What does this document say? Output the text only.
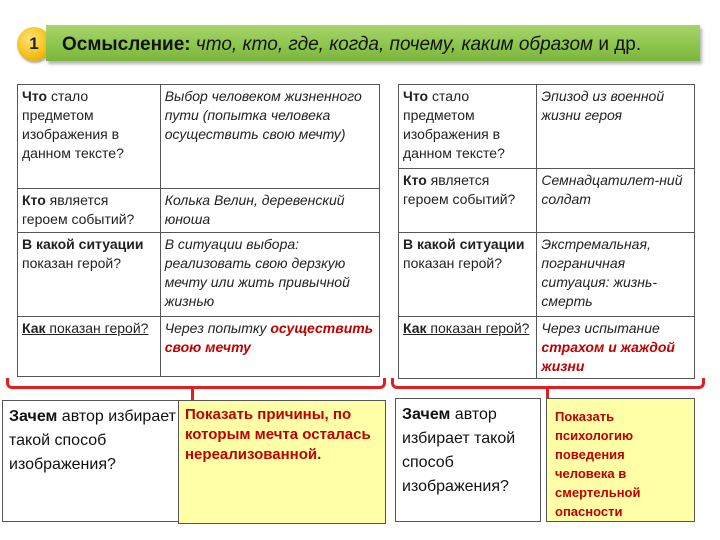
1 Осмысление: что, кто, где, когда, почему, каким образом и др.
Что стало предметом изображения в данном тексте?	Выбор человеком жизненного пути (попытка человека осуществить свою мечту)
Кто является героем событий?	Колька Велин, деревенский юноша
В какой ситуации показан герой?	В ситуации выбора: реализовать свою дерзкую мечту или жить привычной жизнью
Как показан герой?	Через попытку осуществить свою мечту
Что стало предметом изображения в данном тексте?	Эпизод из военной жизни героя
Кто является героем событий?	Семнадцатилет-ний солдат
В какой ситуации показан герой?	Экстремальная, пограничная ситуация: жизнь-смерть
Как показан герой?	Через испытание страхом и жаждой жизни
Зачем автор избирает такой способ изображения?
Показать причины, по которым мечта осталась нереализованной.
Зачем автор избирает такой способ изображения?
Показать психологию поведения человека в смертельной опасности
